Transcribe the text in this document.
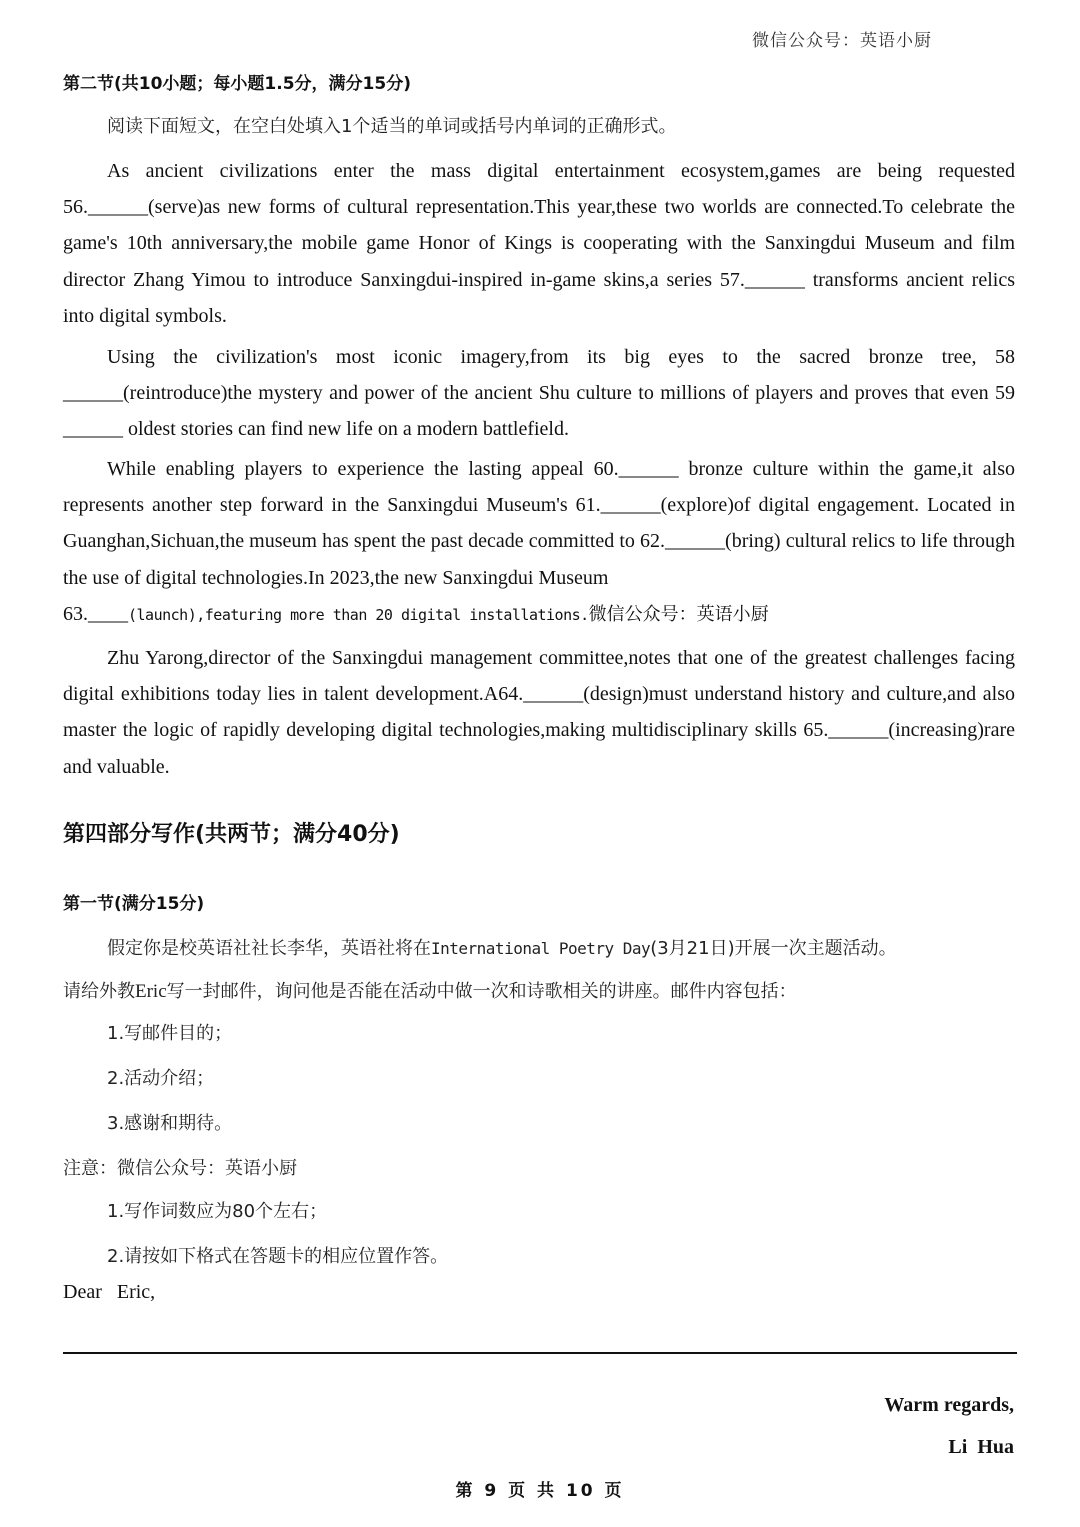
微信公众号：英语小厨
第二节(共10小题；每小题1.5分，满分15分)
阅读下面短文，在空白处填入1个适当的单词或括号内单词的正确形式。

As ancient civilizations enter the mass digital entertainment ecosystem,games are being requested 56.______(serve)as new forms of cultural representation.This year,these two worlds are connected.To celebrate the game's 10th anniversary,the mobile game Honor of Kings is cooperating with the Sanxingdui Museum and film director Zhang Yimou to introduce Sanxingdui-inspired in-game skins,a series 57.______ transforms ancient relics into digital symbols.

Using the civilization's most iconic imagery,from its big eyes to the sacred bronze tree, 58 ______(reintroduce)the mystery and power of the ancient Shu culture to millions of players and proves that even 59 ______ oldest stories can find new life on a modern battlefield.

While enabling players to experience the lasting appeal 60.______ bronze culture within the game,it also represents another step forward in the Sanxingdui Museum's 61.______(explore)of digital engagement. Located in Guanghan,Sichuan,the museum has spent the past decade committed to 62.______(bring) cultural relics to life through the use of digital technologies.In 2023,the new Sanxingdui Museum

63.____(launch),featuring more than 20 digital installations.微信公众号：英语小厨

Zhu Yarong,director of the Sanxingdui management committee,notes that one of the greatest challenges facing digital exhibitions today lies in talent development.A64.______(design)must understand history and culture,and also master the logic of rapidly developing digital technologies,making multidisciplinary skills 65.______(increasing)rare and valuable.

第四部分写作(共两节；满分40分)
第一节(满分15分)
假定你是校英语社社长李华，英语社将在International Poetry Day(3月21日)开展一次主题活动。
请给外教Eric写一封邮件，询问他是否能在活动中做一次和诗歌相关的讲座。邮件内容包括：
1.写邮件目的；
2.活动介绍；
3.感谢和期待。
注意：微信公众号：英语小厨
1.写作词数应为80个左右；
2.请按如下格式在答题卡的相应位置作答。
Dear   Eric,
Warm regards,
Li  Hua
第 9 页 共 10 页
